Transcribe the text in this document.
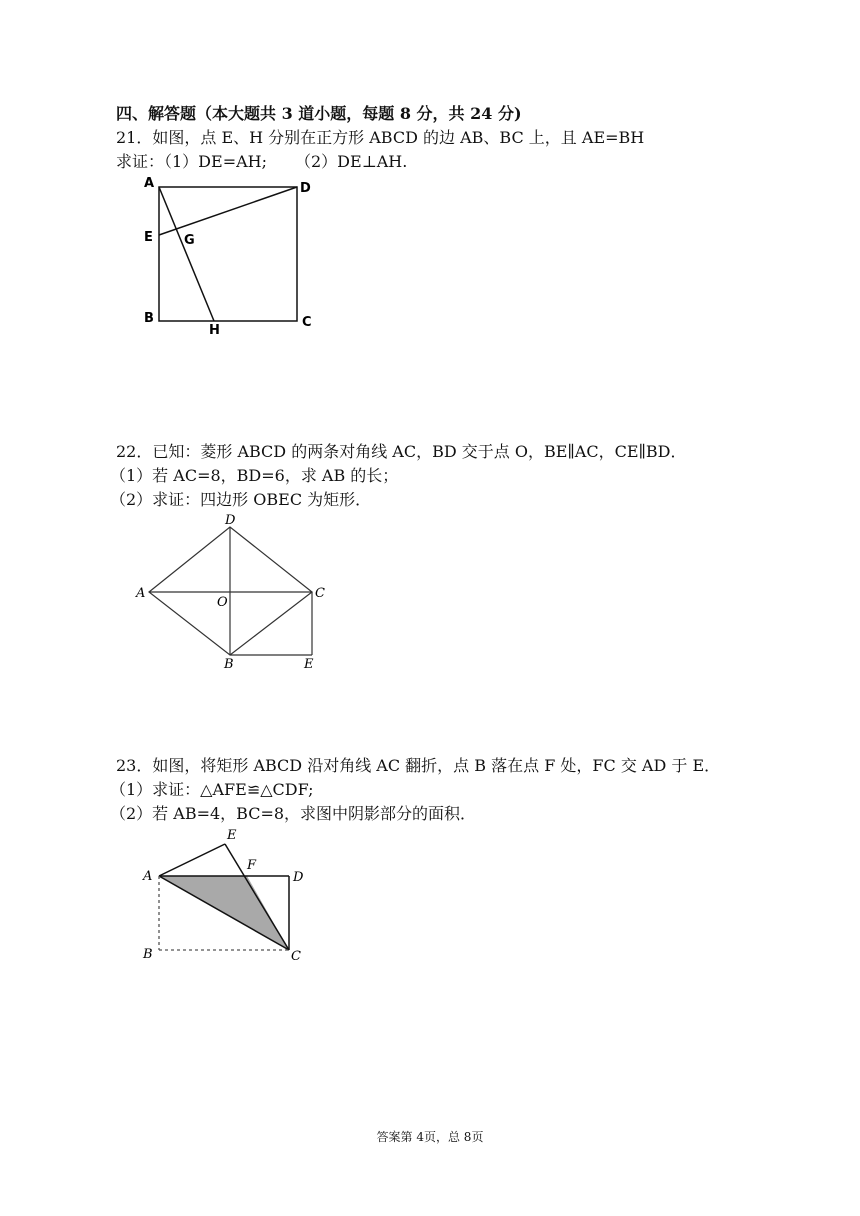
四、解答题（本大题共 3 道小题，每题 8 分，共 24 分)
21．如图，点 E、H 分别在正方形 ABCD 的边 AB、BC 上，且 AE=BH
求证：（1）DE=AH; （2）DE⊥AH.
A	D
E G
B
H
C
22．已知：菱形 ABCD 的两条对角线 AC，BD 交于点 O，BE∥AC，CE∥BD．
（1）若 AC=8，BD=6，求 AB 的长；
（2）求证：四边形 OBEC 为矩形．
D
A
O
C
B	E
23．如图，将矩形 ABCD 沿对角线 AC 翻折，点 B 落在点 F 处，FC 交 AD 于 E．
（1）求证：△AFE≌△CDF;
（2）若 AB=4，BC=8，求图中阴影部分的面积．
E
F
A	D
B	C
答案第 4页，总 8页
